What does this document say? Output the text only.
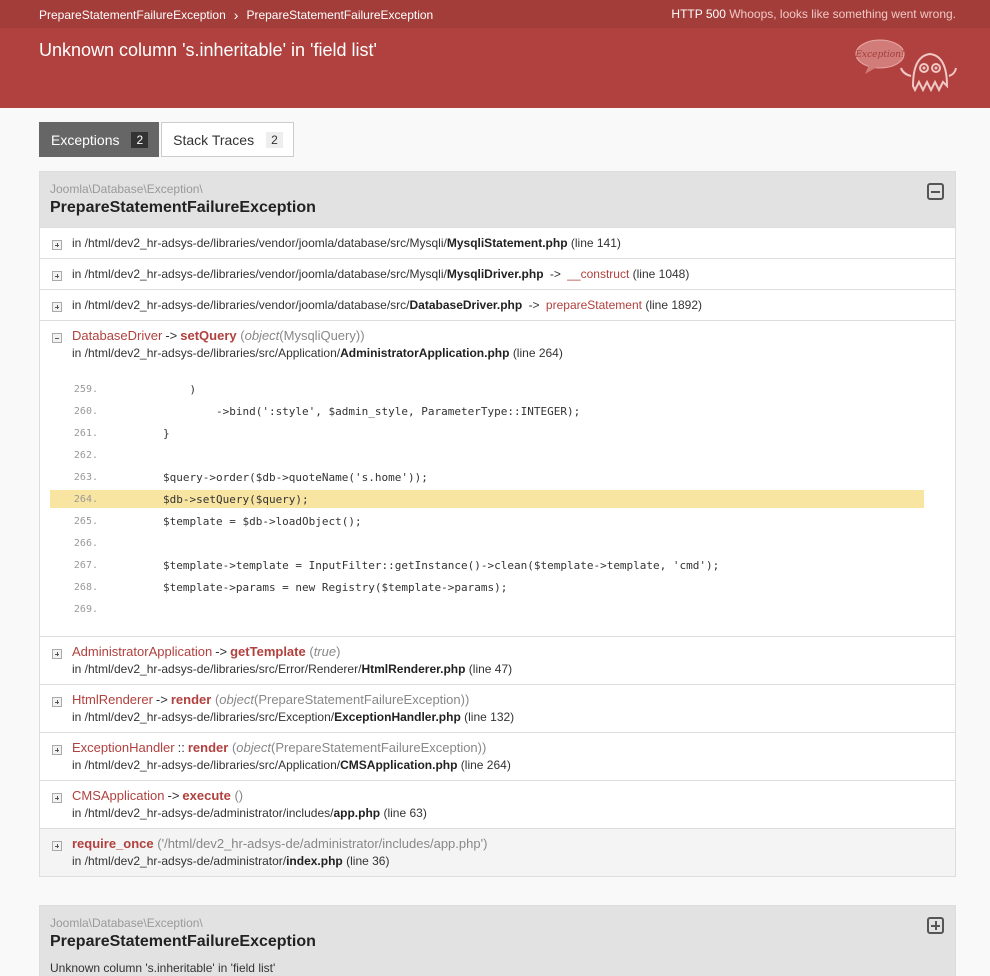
PrepareStatementFailureException › PrepareStatementFailureException	HTTP 500 Whoops, looks like something went wrong.
Unknown column 's.inheritable' in 'field list'	Exception!
Exceptions	2	Stack Traces	2
Joomla\Database\Exception\
PrepareStatementFailureException
in /html/dev2_hr-adsys-de/libraries/vendor/joomla/database/src/Mysqli/MysqliStatement.php (line 141)
in /html/dev2_hr-adsys-de/libraries/vendor/joomla/database/src/Mysqli/MysqliDriver.php -> __construct (line 1048)
in /html/dev2_hr-adsys-de/libraries/vendor/joomla/database/src/DatabaseDriver.php -> prepareStatement (line 1892)
DatabaseDriver -> setQuery (object(MysqliQuery))
in /html/dev2_hr-adsys-de/libraries/src/Application/AdministratorApplication.php (line 264)
259.	)
260.	->bind(':style', $admin_style, ParameterType::INTEGER);
261.	}
262.
263.	$query->order($db->quoteName('s.home'));
264.	$db->setQuery($query);
265.	$template = $db->loadObject();
266.
267.	$template->template = InputFilter::getInstance()->clean($template->template, 'cmd');
268.	$template->params = new Registry($template->params);
269.
AdministratorApplication -> getTemplate (true)
in /html/dev2_hr-adsys-de/libraries/src/Error/Renderer/HtmlRenderer.php (line 47)
HtmlRenderer -> render (object(PrepareStatementFailureException))
in /html/dev2_hr-adsys-de/libraries/src/Exception/ExceptionHandler.php (line 132)
ExceptionHandler :: render (object(PrepareStatementFailureException))
in /html/dev2_hr-adsys-de/libraries/src/Application/CMSApplication.php (line 264)
CMSApplication -> execute ()
in /html/dev2_hr-adsys-de/administrator/includes/app.php (line 63)
require_once ('/html/dev2_hr-adsys-de/administrator/includes/app.php')
in /html/dev2_hr-adsys-de/administrator/index.php (line 36)
Joomla\Database\Exception\
PrepareStatementFailureException
Unknown column 's.inheritable' in 'field list'
